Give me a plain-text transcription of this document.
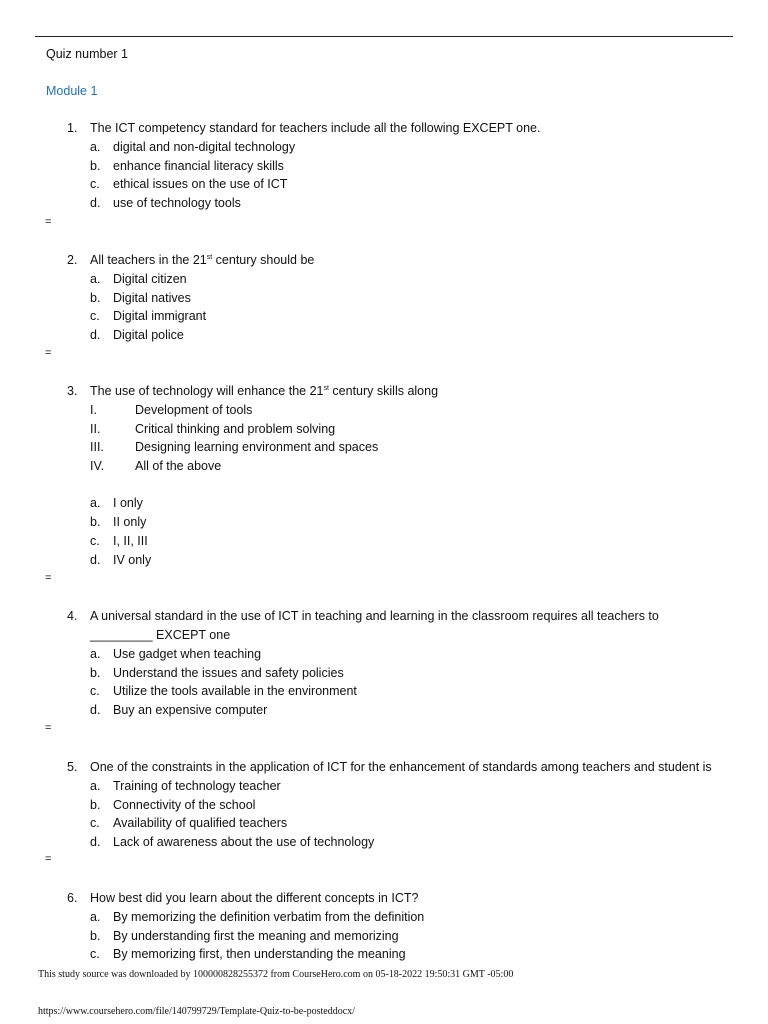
Quiz number 1
Module 1
1. The ICT competency standard for teachers include all the following EXCEPT one.
a. digital and non-digital technology
b. enhance financial literacy skills
c. ethical issues on the use of ICT
d. use of technology tools
=
2. All teachers in the 21st century should be
a. Digital citizen
b. Digital natives
c. Digital immigrant
d. Digital police
=
3. The use of technology will enhance the 21st century skills along
I.	Development of tools
II.	Critical thinking and problem solving
III. Designing learning environment and spaces
IV. All of the above
a. I only
b. II only
c. I, II, III
d. IV only
=
4. A universal standard in the use of ICT in teaching and learning in the classroom requires all teachers to
_________ EXCEPT one
a. Use gadget when teaching
b. Understand the issues and safety policies
c. Utilize the tools available in the environment
d. Buy an expensive computer
=
5. One of the constraints in the application of ICT for the enhancement of standards among teachers and student is
a. Training of technology teacher
b. Connectivity of the school
c. Availability of qualified teachers
d. Lack of awareness about the use of technology
=
6. How best did you learn about the different concepts in ICT?
a. By memorizing the definition verbatim from the definition
b. By understanding first the meaning and memorizing
c. By memorizing first, then understanding the meaning
This study source was downloaded by 100000828255372 from CourseHero.com on 05-18-2022 19:50:31 GMT -05:00
https://www.coursehero.com/file/140799729/Template-Quiz-to-be-posteddocx/
